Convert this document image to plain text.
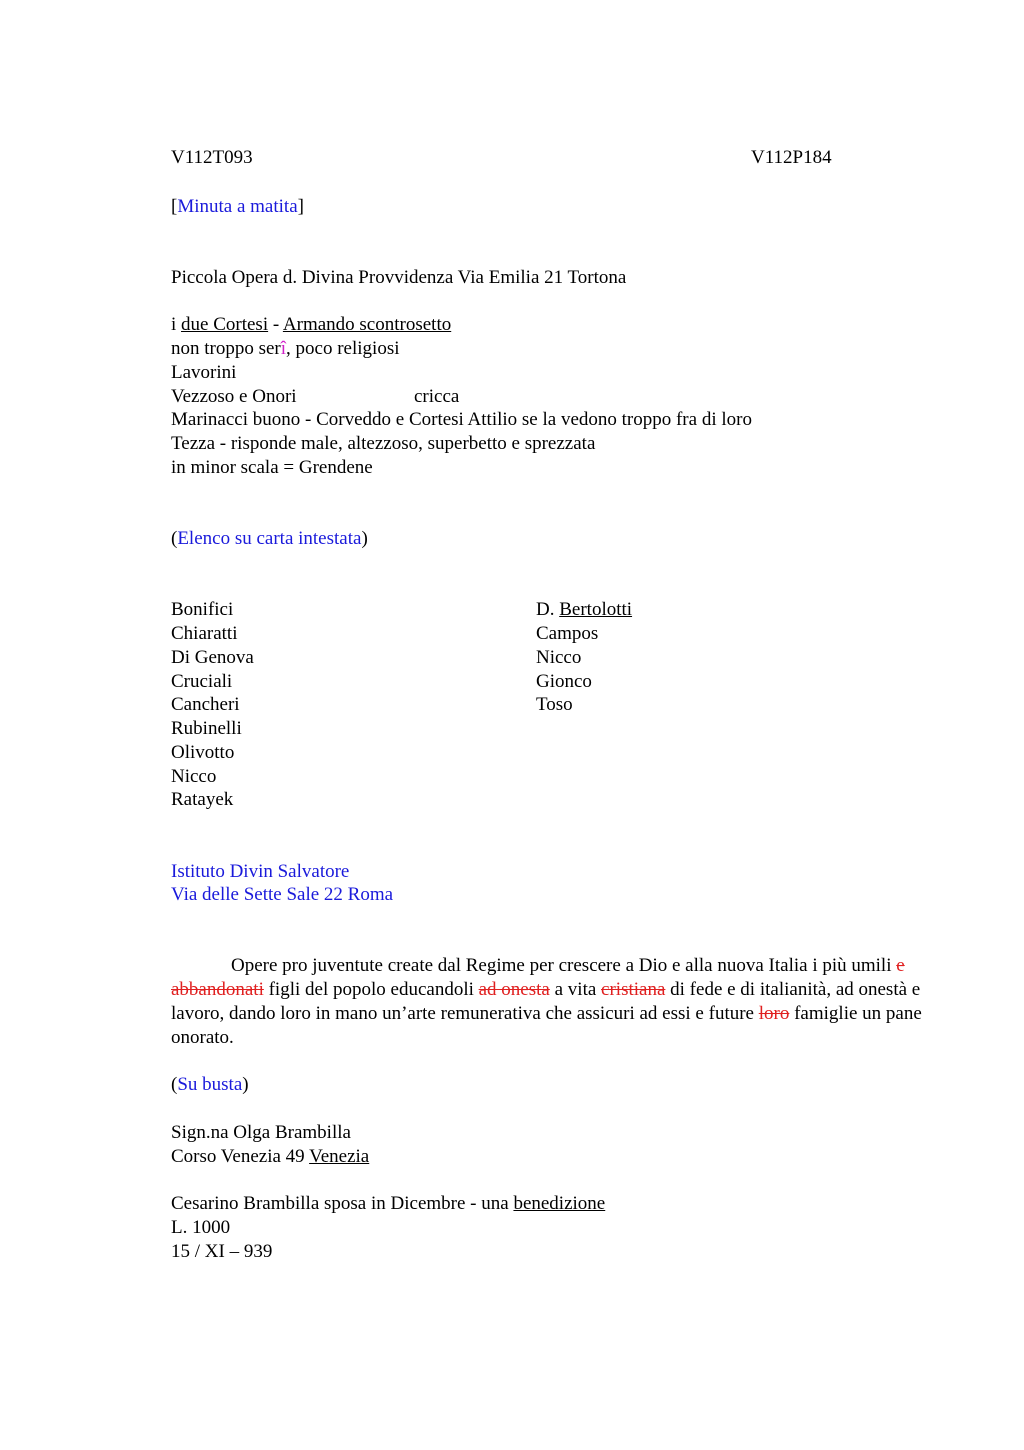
V112T093	V112P184
[Minuta a matita]
Piccola Opera d. Divina Provvidenza Via Emilia 21 Tortona
i due Cortesi - Armando scontrosetto
non troppo serî, poco religiosi
Lavorini
Vezzoso e Onori	cricca
Marinacci buono - Corveddo e Cortesi Attilio se la vedono troppo fra di loro
Tezza - risponde male, altezzoso, superbetto e sprezzata
in minor scala = Grendene
(Elenco su carta intestata)
Bonifici
Chiaratti
Di Genova
Cruciali
Cancheri
Rubinelli
Olivotto
Nicco
Ratayek
D. Bertolotti
Campos
Nicco
Gionco
Toso
Istituto Divin Salvatore
Via delle Sette Sale 22 Roma
Opere pro juventute create dal Regime per crescere a Dio e alla nuova Italia i più umili e abbandonati figli del popolo educandoli ad onesta a vita cristiana di fede e di italianità, ad onestà e lavoro, dando loro in mano un’arte remunerativa che assicuri ad essi e future loro famiglie un pane onorato.
(Su busta)
Sign.na Olga Brambilla
Corso Venezia 49 Venezia
Cesarino Brambilla sposa in Dicembre - una benedizione
L. 1000
15 / XI – 939
